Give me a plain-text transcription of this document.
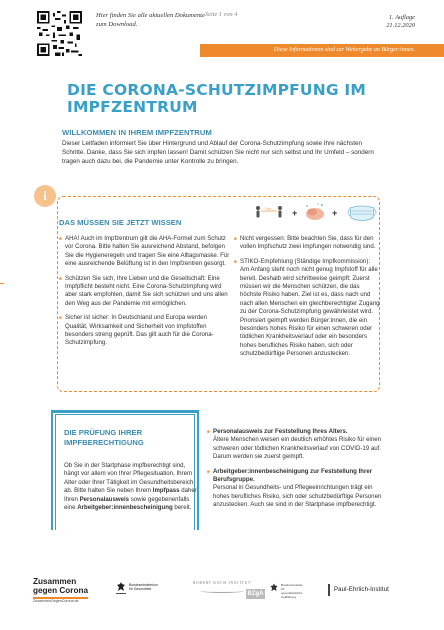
Hier finden Sie alle aktuellen Dokumente zum Download.
Seite 1 von 4	1. Auflage
21.12.2020
Diese Informationen sind zur Weitergabe an Bürger:innen.
DIE CORONA-SCHUTZIMPFUNG IM IMPFZENTRUM
WILLKOMMEN IN IHREM IMPFZENTRUM

Dieser Leitfaden informiert Sie über Hintergrund und Ablauf der Corona-Schutzimpfung sowie Ihre nächsten Schritte. Danke, dass Sie sich impfen lassen! Damit schützen Sie nicht nur sich selbst und Ihr Umfeld – sondern tragen auch dazu bei, die Pandemie unter Kontrolle zu bringen.

i
1,5m +	+
DAS MÜSSEN SIE JETZT WISSEN

■ AHA! Auch im Impfzentrum gilt die AHA-Formel zum Schutz vor Corona. Bitte halten Sie ausreichend Abstand, befolgen Sie die Hygieneregeln und tragen Sie eine Alltagsmaske. Für eine ausreichende Belüftung ist in den Impfzentren gesorgt.

■ Schützen Sie sich, Ihre Lieben und die Gesellschaft: Eine Impfpflicht besteht nicht. Eine Corona-Schutzimpfung wird aber stark empfohlen, damit Sie sich schützen und uns allen den Weg aus der Pandemie mit ermöglichen.

■ Sicher ist sicher: In Deutschland und Europa werden Qualität, Wirksamkeit und Sicherheit von Impfstoffen besonders streng geprüft. Das gilt auch für die Corona-Schutzimpfung.

■ Nicht vergessen: Bitte beachten Sie, dass für den vollen Impfschutz zwei Impfungen notwendig sind.

■ STIKO-Empfehlung (Ständige Impfkommission): Am Anfang steht noch nicht genug Impfstoff für alle bereit. Deshalb wird schrittweise geimpft: Zuerst müssen wir die Menschen schützen, die das höchste Risiko haben. Ziel ist es, dass nach und nach allen Menschen ein gleichberechtigter Zugang zu der Corona-Schutzimpfung gewährleistet wird. Priorisiert geimpft werden Bürger:innen, die ein besonders hohes Risiko für einen schweren oder tödlichen Krankheitsverlauf oder ein besonders hohes berufliches Risiko haben, sich oder schutzbedürftige Personen anzustecken.

DIE PRÜFUNG IHRER IMPFBERECHTIGUNG

Ob Sie in der Startphase impfberechtigt sind, hängt vor allem von Ihrer Pflegesituation, Ihrem Alter oder Ihrer Tätigkeit im Gesundheitsbereich ab. Bitte halten Sie neben Ihrem Impfpass daher Ihren Personalausweis sowie gegebenenfalls eine Arbeitgeber:innenbescheinigung bereit.

■ Personalausweis zur Feststellung Ihres Alters.
Ältere Menschen weisen ein deutlich erhöhtes Risiko für einen schweren oder tödlichen Krankheitsverlauf von COVID-19 auf. Darum werden sie zuerst geimpft.
■ Arbeitgeber:innenbescheinigung zur Feststellung Ihrer Berufsgruppe.
Personal in Gesundheits- und Pflegeeinrichtungen trägt ein hohes berufliches Risiko, sich oder schutzbedürftige Personen anzustecken. Auch sie sind in der Startphase impfberechtigt.
Zusammen
gegen Corona
ZusammenGegenCorona.de
Bundesministerium
für Gesundheit
ROBERT KOCH INSTITUT
BZgA
Bundeszentrale
für
gesundheitliche
Aufklärung
Paul-Ehrlich-Institut
